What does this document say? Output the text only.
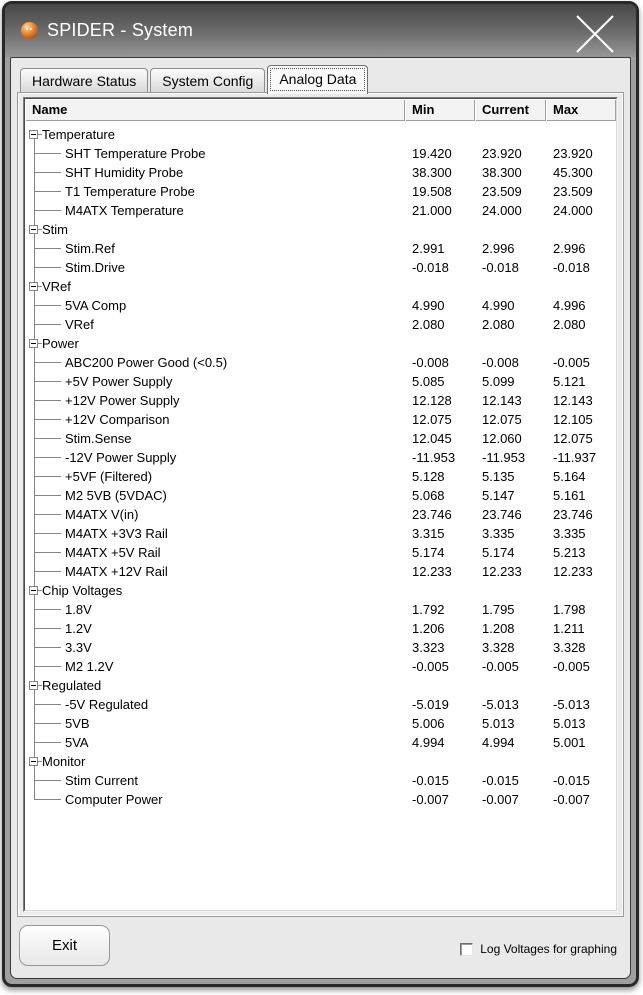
SPIDER - System
Hardware Status	System Config	Analog Data
Name	Min	Current	Max
Temperature
SHT Temperature Probe	19.420	23.920	23.920
SHT Humidity Probe	38.300	38.300	45.300
T1 Temperature Probe	19.508	23.509	23.509
M4ATX Temperature	21.000	24.000	24.000
Stim
Stim.Ref	2.991	2.996	2.996
Stim.Drive	-0.018	-0.018	-0.018
VRef
5VA Comp	4.990	4.990	4.996
VRef	2.080	2.080	2.080
Power
ABC200 Power Good (<0.5)	-0.008	-0.008	-0.005
+5V Power Supply	5.085	5.099	5.121
+12V Power Supply	12.128	12.143	12.143
+12V Comparison	12.075	12.075	12.105
Stim.Sense	12.045	12.060	12.075
-12V Power Supply	-11.953	-11.953	-11.937
+5VF (Filtered)	5.128	5.135	5.164
M2 5VB (5VDAC)	5.068	5.147	5.161
M4ATX V(in)	23.746	23.746	23.746
M4ATX +3V3 Rail	3.315	3.335	3.335
M4ATX +5V Rail	5.174	5.174	5.213
M4ATX +12V Rail	12.233	12.233	12.233
Chip Voltages
1.8V	1.792	1.795	1.798
1.2V	1.206	1.208	1.211
3.3V	3.323	3.328	3.328
M2 1.2V	-0.005	-0.005	-0.005
Regulated
-5V Regulated	-5.019	-5.013	-5.013
5VB	5.006	5.013	5.013
5VA	4.994	4.994	5.001
Monitor
Stim Current	-0.015	-0.015	-0.015
Computer Power	-0.007	-0.007	-0.007
Exit	Log Voltages for graphing
